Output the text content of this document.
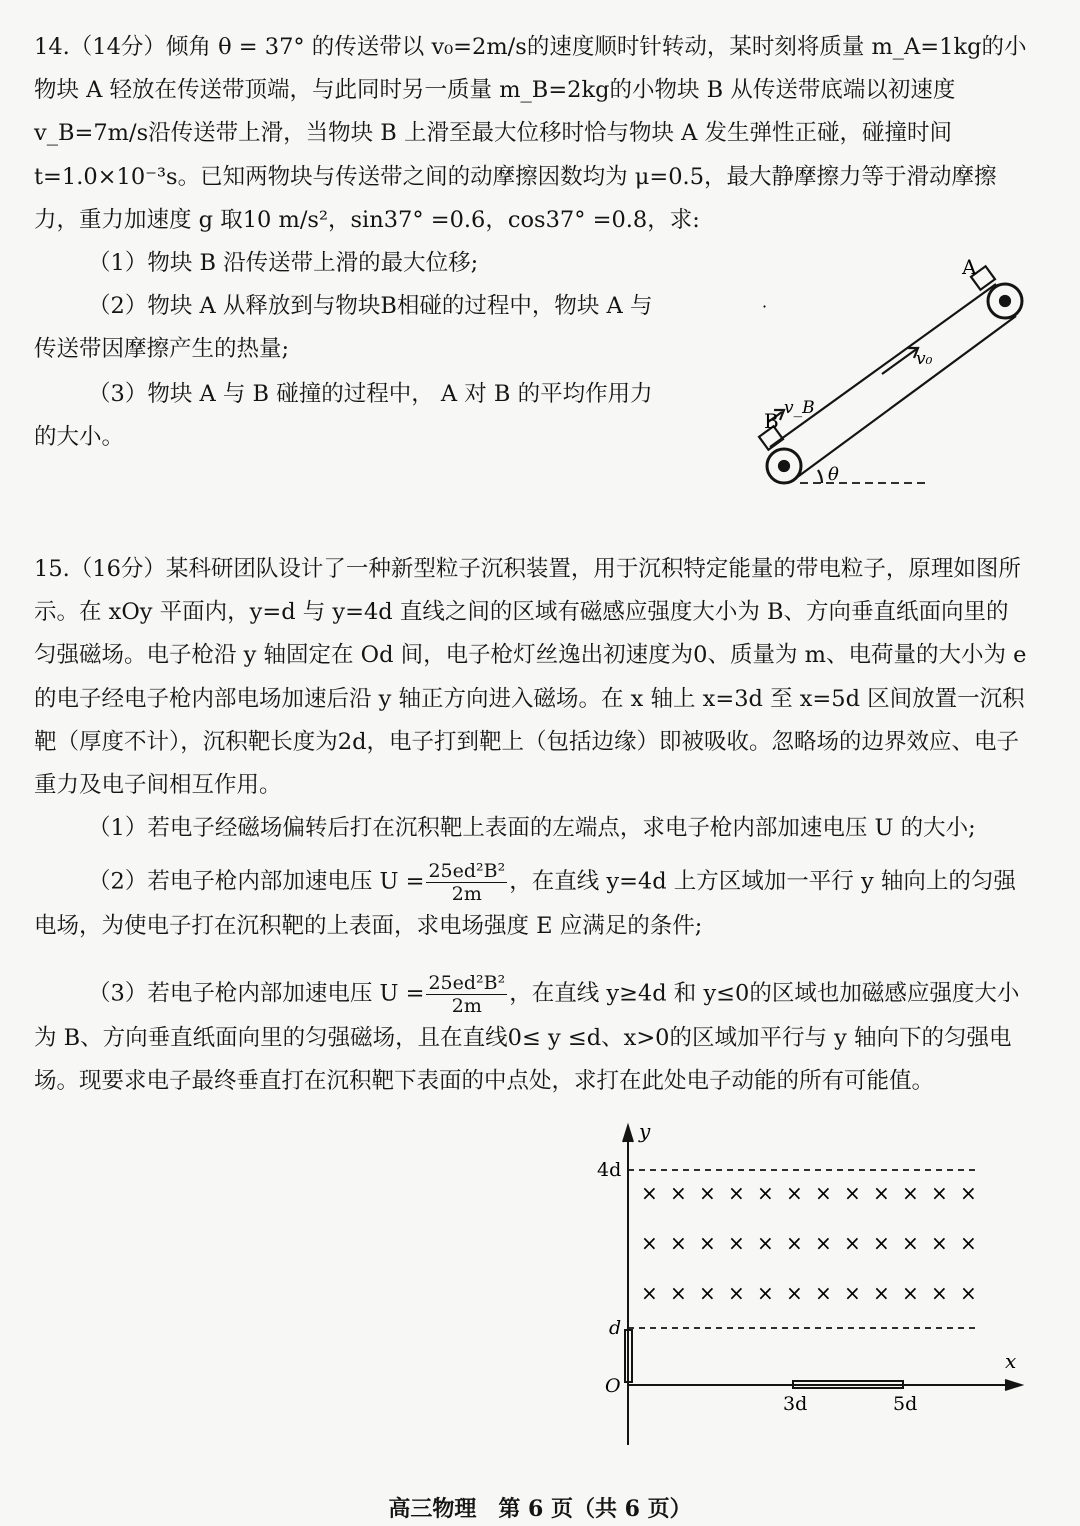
14.（14分）倾角 θ = 37° 的传送带以 v₀=2m/s的速度顺时针转动，某时刻将质量 m_A=1kg的小物块 A 轻放在传送带顶端，与此同时另一质量 m_B=2kg的小物块 B 从传送带底端以初速度 v_B=7m/s沿传送带上滑，当物块 B 上滑至最大位移时恰与物块 A 发生弹性正碰，碰撞时间 t=1.0×10⁻³s。已知两物块与传送带之间的动摩擦因数均为 μ=0.5，最大静摩擦力等于滑动摩擦力，重力加速度 g 取10 m/s²，sin37° =0.6，cos37° =0.8，求:

（1）物块 B 沿传送带上滑的最大位移;

（2）物块 A 从释放到与物块B相碰的过程中，物块 A 与传送带因摩擦产生的热量;

（3）物块 A 与 B 碰撞的过程中， A 对 B 的平均作用力的大小。

B
v_B
A
v₀
θ
·

15.（16分）某科研团队设计了一种新型粒子沉积装置，用于沉积特定能量的带电粒子，原理如图所示。在 xOy 平面内，y=d 与 y=4d 直线之间的区域有磁感应强度大小为 B、方向垂直纸面向里的匀强磁场。电子枪沿 y 轴固定在 Od 间，电子枪灯丝逸出初速度为0、质量为 m、电荷量的大小为 e 的电子经电子枪内部电场加速后沿 y 轴正方向进入磁场。在 x 轴上 x=3d 至 x=5d 区间放置一沉积靶（厚度不计），沉积靶长度为2d，电子打到靶上（包括边缘）即被吸收。忽略场的边界效应、电子重力及电子间相互作用。

（1）若电子经磁场偏转后打在沉积靶上表面的左端点，求电子枪内部加速电压 U 的大小;

（2）若电子枪内部加速电压 $U = \frac{\text{25ed²B²}}{2m}$ ，在直线 y=4d 上方区域加一平行 y 轴向上的匀强电场，为使电子打在沉积靶的上表面，求电场强度 E 应满足的条件;

（3）若电子枪内部加速电压 $U = \frac{\text{25ed²B²}}{2m}$ ，在直线 y≥4d 和 y≤0的区域也加磁感应强度大小为 B、方向垂直纸面向里的匀强磁场，且在直线0≤ y ≤d、x>0的区域加平行与 y 轴向下的匀强电场。现要求电子最终垂直打在沉积靶下表面的中点处，求打在此处电子动能的所有可能值。

y
x
4d
d
O
3d	5d
× × × × × × × × × × × ×
× × × × × × × × × × × ×
× × × × × × × × × × × ×
高三物理　第 6 页（共 6 页）
